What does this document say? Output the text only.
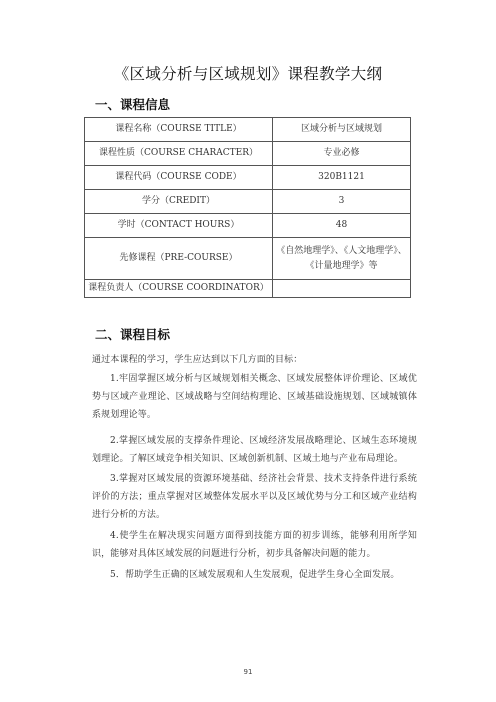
《区域分析与区域规划》课程教学大纲
一、课程信息
课程名称（COURSE TITLE）	区域分析与区域规划
课程性质（COURSE CHARACTER）	专业必修
课程代码（COURSE CODE）	320B1121
学分（CREDIT）	3
学时（CONTACT HOURS）	48
先修课程（PRE-COURSE）	《自然地理学》、《人文地理学》、
《计量地理学》等

课程负责人（COURSE COORDINATOR）	
二、课程目标
通过本课程的学习，学生应达到以下几方面的目标：
1.牢固掌握区域分析与区域规划相关概念、区域发展整体评价理论、区域优势与区域产业理论、区域战略与空间结构理论、区域基础设施规划、区域城镇体系规划理论等。
2.掌握区域发展的支撑条件理论、区域经济发展战略理论、区域生态环境规划理论。了解区域竞争相关知识、区域创新机制、区域土地与产业布局理论。
3.掌握对区域发展的资源环境基础、经济社会背景、技术支持条件进行系统评价的方法；重点掌握对区域整体发展水平以及区域优势与分工和区域产业结构进行分析的方法。
4.使学生在解决现实问题方面得到技能方面的初步训练，能够利用所学知识，能够对具体区域发展的问题进行分析，初步具备解决问题的能力。
5．帮助学生正确的区域发展观和人生发展观，促进学生身心全面发展。
91
